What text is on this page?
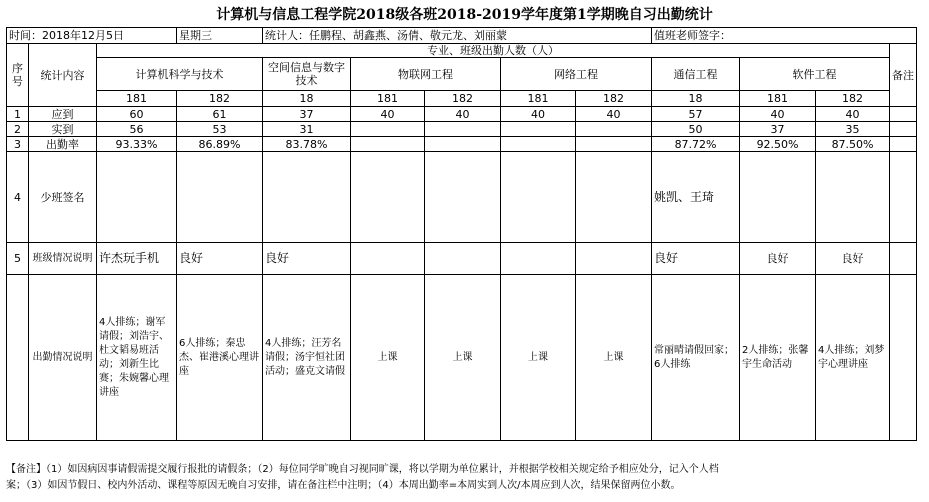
计算机与信息工程学院2018级各班2018-2019学年度第1学期晚自习出勤统计
时间：2018年12月5日			星期三	统计人：任鹏程、胡鑫燕、汤倩、敬元龙、刘丽蒙					值班老师签字：			
序号	统计内容	专业、班级出勤人数（人）										备注
		计算机科学与技术		空间信息与数字技术	物联网工程		网络工程		通信工程	软件工程		
		181	182	18	181	182	181	182	18	181	182	
1	应到	60	61	37	40	40	40	40	57	40	40	
2	实到	56	53	31					50	37	35	
3	出勤率	93.33%	86.89%	83.78%					87.72%	92.50%	87.50%	
4	少班签名								姚凯、王琦			
5	班级情况说明	许杰玩手机	良好	良好					良好	良好	良好	
	出勤情况说明	4人排练；谢军请假；刘浩宇、杜文韬易班活动；刘新生比赛；朱婉馨心理讲座	6人排练；秦忠杰、崔港溪心理讲座	4人排练；汪芳名请假；汤宇恒社团活动；盛克文请假	上课	上课	上课	上课	常丽晴请假回家；6人排练	2人排练；张馨宇生命活动	4人排练；刘梦宇心理讲座	
【备注】（1）如因病因事请假需提交履行报批的请假条；（2）每位同学旷晚自习视同旷课，将以学期为单位累计，并根据学校相关规定给予相应处分，记入个人档
案；（3）如因节假日、校内外活动、课程等原因无晚自习安排，请在备注栏中注明；（4）本周出勤率=本周实到人次/本周应到人次，结果保留两位小数。
